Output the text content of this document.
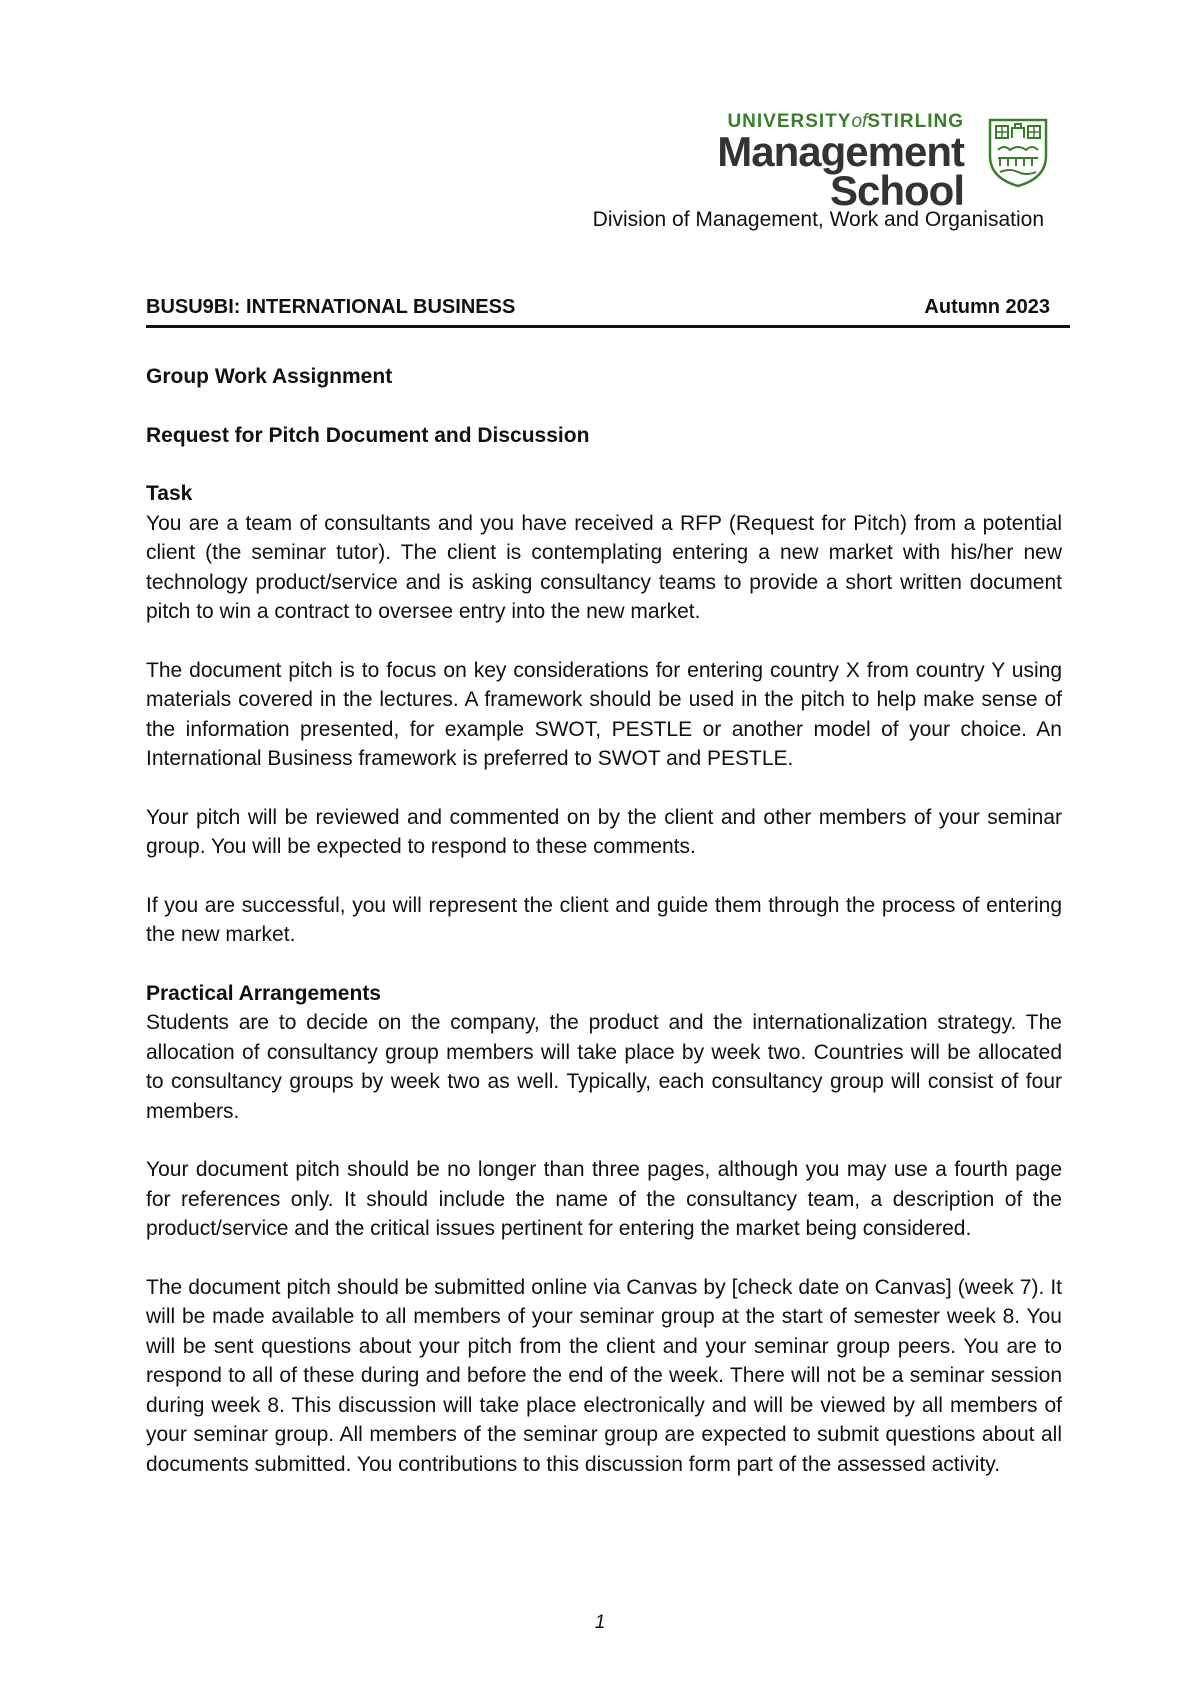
UNIVERSITYofSTIRLING
Management
School
Division of Management, Work and Organisation
BUSU9BI: INTERNATIONAL BUSINESS	Autumn 2023
Group Work Assignment
Request for Pitch Document and Discussion
Task

You are a team of consultants and you have received a RFP (Request for Pitch) from a potential client (the seminar tutor). The client is contemplating entering a new market with his/her new technology product/service and is asking consultancy teams to provide a short written document pitch to win a contract to oversee entry into the new market.

The document pitch is to focus on key considerations for entering country X from country Y using materials covered in the lectures. A framework should be used in the pitch to help make sense of the information presented, for example SWOT, PESTLE or another model of your choice. An International Business framework is preferred to SWOT and PESTLE.

Your pitch will be reviewed and commented on by the client and other members of your seminar group. You will be expected to respond to these comments.

If you are successful, you will represent the client and guide them through the process of entering the new market.

Practical Arrangements

Students are to decide on the company, the product and the internationalization strategy. The allocation of consultancy group members will take place by week two. Countries will be allocated to consultancy groups by week two as well. Typically, each consultancy group will consist of four members.

Your document pitch should be no longer than three pages, although you may use a fourth page for references only. It should include the name of the consultancy team, a description of the product/service and the critical issues pertinent for entering the market being considered.

The document pitch should be submitted online via Canvas by [check date on Canvas] (week 7). It will be made available to all members of your seminar group at the start of semester week 8. You will be sent questions about your pitch from the client and your seminar group peers. You are to respond to all of these during and before the end of the week. There will not be a seminar session during week 8. This discussion will take place electronically and will be viewed by all members of your seminar group. All members of the seminar group are expected to submit questions about all documents submitted. You contributions to this discussion form part of the assessed activity.

1
